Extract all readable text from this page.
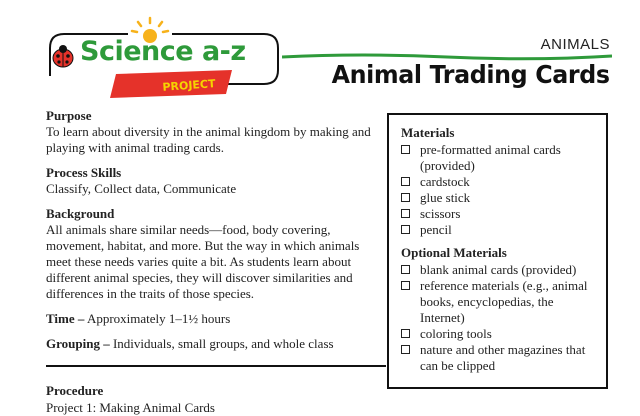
Science a-z
PROJECT
ANIMALS
Animal Trading Cards
Purpose
To learn about diversity in the animal kingdom by making and playing with animal trading cards.
Process Skills
Classify, Collect data, Communicate
Background
All animals share similar needs—food, body covering, movement, habitat, and more. But the way in which animals meet these needs varies quite a bit. As students learn about different animal species, they will discover similarities and differences in the traits of those species.
Time – Approximately 1–1½ hours
Grouping – Individuals, small groups, and whole class
Procedure
Project 1: Making Animal Cards
Materials
pre-formatted animal cards (provided)
cardstock
glue stick
scissors
pencil
Optional Materials
blank animal cards (provided)
reference materials (e.g., animal books, encyclopedias, the Internet)
coloring tools
nature and other magazines that can be clipped
